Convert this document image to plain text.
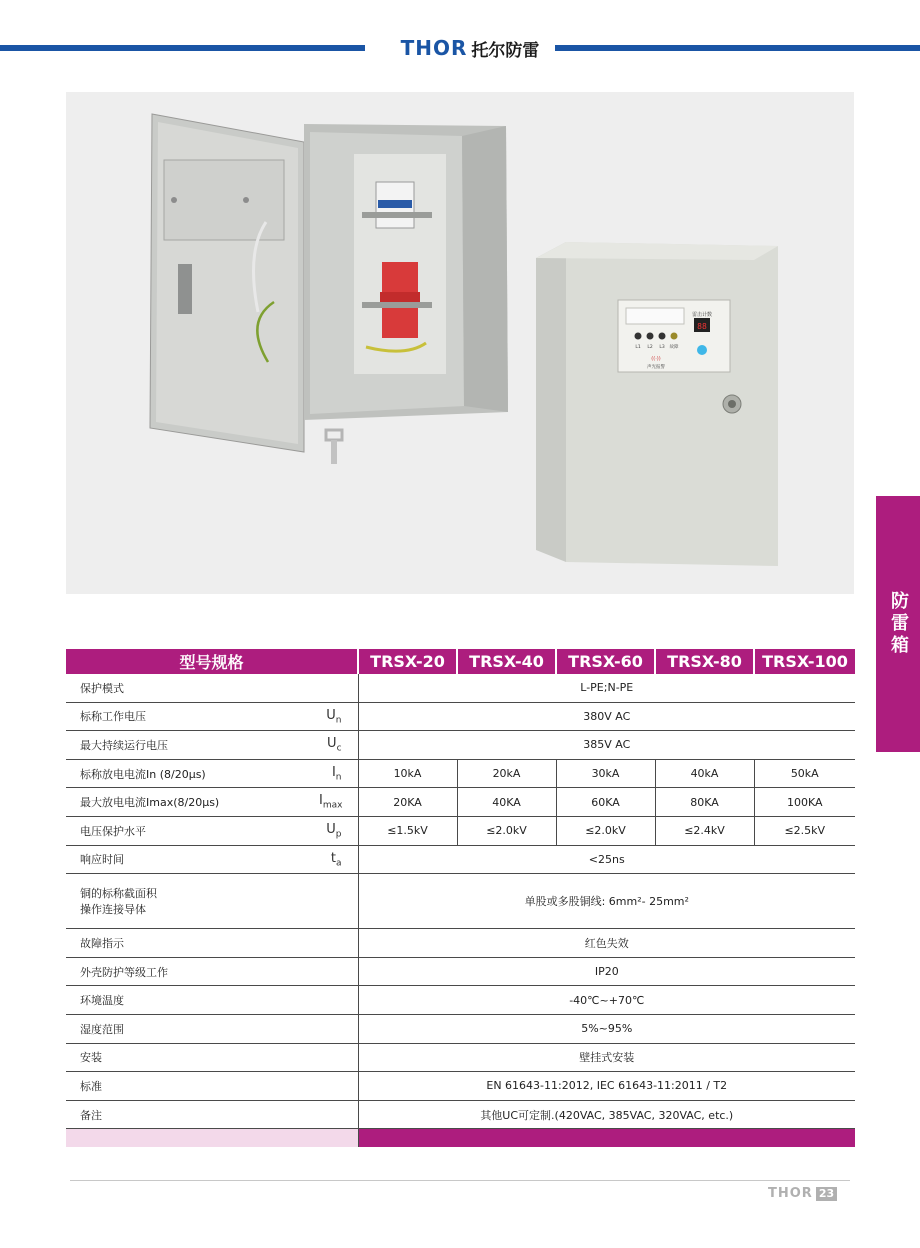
THOR 托尔防雷
88
雷击计数
L1 L2 L3 故障
((·))
声光报警
防雷箱
型号规格		TRSX-20	TRSX-40	TRSX-60	TRSX-80	TRSX-100

保护模式		L-PE;N-PE				

标称工作电压	$U_n$	380V AC				

最大持续运行电压	$U_c$	385V AC				

标称放电电流In (8/20μs)	$I_n$	10kA	20kA	30kA	40kA	50kA

最大放电电流Imax(8/20μs)	$I_{max}$	20KA	40KA	60KA	80KA	100KA

电压保护水平	$U_p$	≤1.5kV	≤2.0kV	≤2.0kV	≤2.4kV	≤2.5kV

响应时间	$t_a$	<25ns				

铜的标称截面积
操作连接导体		单股或多股铜线: 6mm²- 25mm²				

故障指示		红色失效				

外壳防护等级工作		IP20				

环境温度		-40℃~+70℃				

湿度范围		5%~95%				

安装		壁挂式安装				

标准		EN 61643-11:2012, IEC 61643-11:2011 / T2				

备注		其他UC可定制.(420VAC, 385VAC, 320VAC, etc.)				

THOR 23
